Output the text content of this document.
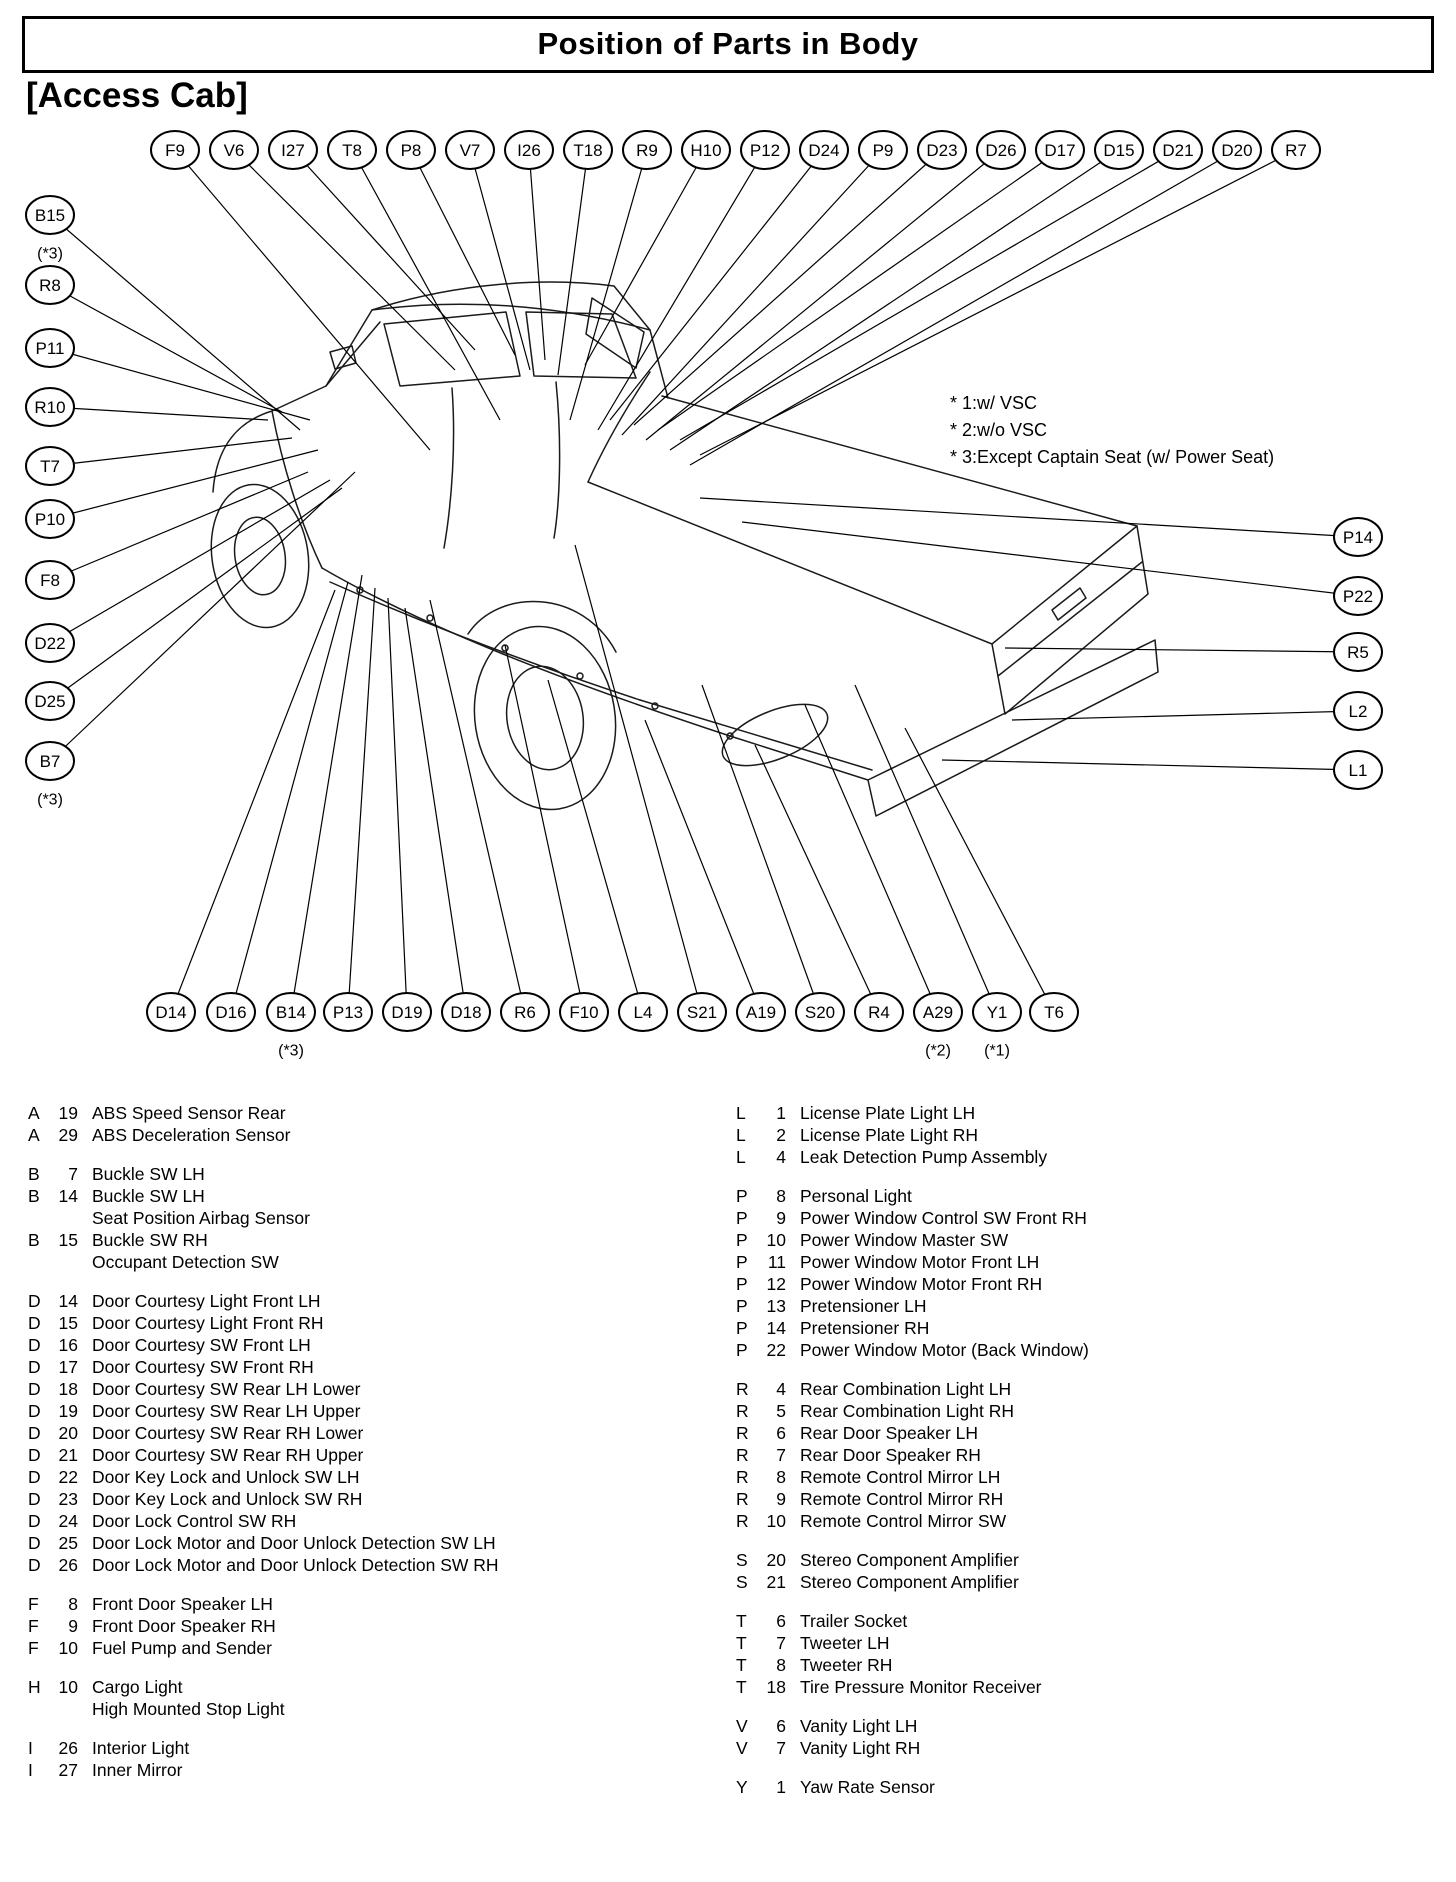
Position of Parts in Body
[Access Cab]
F9 V6 I27 T8 P8 V7 I26 T18 R9 H10 P12 D24 P9 D23 D26 D17 D15 D21 D20 R7
B15
(*3)
R8
P11
R10
T7
P10
F8
D22
D25
B7
(*3)
P14
P22
R5
L2
L1
D14 D16 B14
(*3)
P13 D19 D18 R6 F10 L4 S21 A19 S20 R4 A29
(*2)
Y1
(*1)
T6
* 1:w/ VSC
* 2:w/o VSC
* 3:Except Captain Seat (w/ Power Seat)
A	19 ABS Speed Sensor Rear
A	29 ABS Deceleration Sensor
B	7 Buckle SW LH
B	14 Buckle SW LH
Seat Position Airbag Sensor
B	15 Buckle SW RH
Occupant Detection SW
D	14 Door Courtesy Light Front LH
D	15 Door Courtesy Light Front RH
D	16 Door Courtesy SW Front LH
D	17 Door Courtesy SW Front RH
D	18 Door Courtesy SW Rear LH Lower
D	19 Door Courtesy SW Rear LH Upper
D	20 Door Courtesy SW Rear RH Lower
D	21 Door Courtesy SW Rear RH Upper
D	22 Door Key Lock and Unlock SW LH
D	23 Door Key Lock and Unlock SW RH
D	24 Door Lock Control SW RH
D	25 Door Lock Motor and Door Unlock Detection SW LH
D	26 Door Lock Motor and Door Unlock Detection SW RH
F	8 Front Door Speaker LH
F	9 Front Door Speaker RH
F	10 Fuel Pump and Sender
H	10 Cargo Light
High Mounted Stop Light
I	26 Interior Light
I	27 Inner Mirror
L	1 License Plate Light LH
L	2 License Plate Light RH
L	4 Leak Detection Pump Assembly
P	8 Personal Light
P	9 Power Window Control SW Front RH
P	10 Power Window Master SW
P	11 Power Window Motor Front LH
P	12 Power Window Motor Front RH
P	13 Pretensioner LH
P	14 Pretensioner RH
P	22 Power Window Motor (Back Window)
R	4 Rear Combination Light LH
R	5 Rear Combination Light RH
R	6 Rear Door Speaker LH
R	7 Rear Door Speaker RH
R	8 Remote Control Mirror LH
R	9 Remote Control Mirror RH
R	10 Remote Control Mirror SW
S	20 Stereo Component Amplifier
S	21 Stereo Component Amplifier
T	6 Trailer Socket
T	7 Tweeter LH
T	8 Tweeter RH
T	18 Tire Pressure Monitor Receiver
V	6 Vanity Light LH
V	7 Vanity Light RH
Y	1 Yaw Rate Sensor
